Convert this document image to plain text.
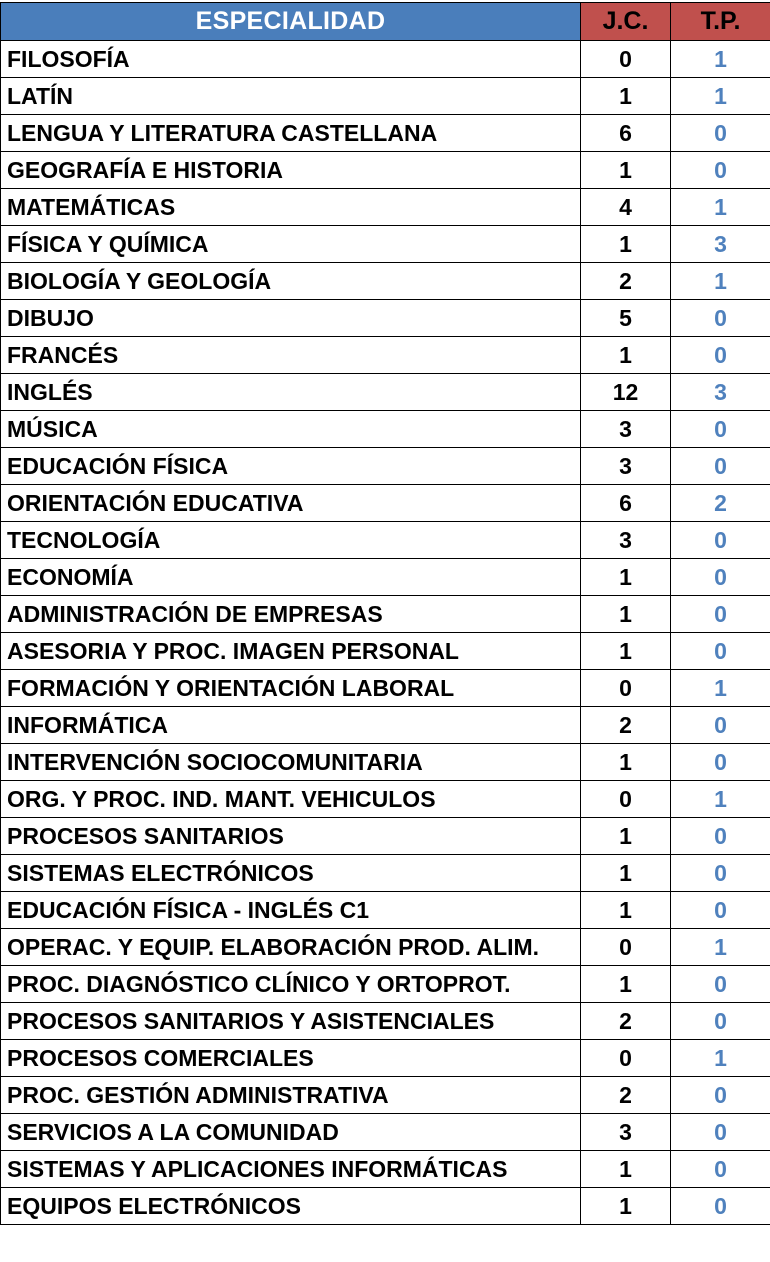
ESPECIALIDAD	J.C.	T.P.
FILOSOFÍA	0	1
LATÍN	1	1
LENGUA Y LITERATURA CASTELLANA	6	0
GEOGRAFÍA E HISTORIA	1	0
MATEMÁTICAS	4	1
FÍSICA Y QUÍMICA	1	3
BIOLOGÍA Y GEOLOGÍA	2	1
DIBUJO	5	0
FRANCÉS	1	0
INGLÉS	12	3
MÚSICA	3	0
EDUCACIÓN FÍSICA	3	0
ORIENTACIÓN EDUCATIVA	6	2
TECNOLOGÍA	3	0
ECONOMÍA	1	0
ADMINISTRACIÓN DE EMPRESAS	1	0
ASESORIA Y PROC. IMAGEN PERSONAL	1	0
FORMACIÓN Y ORIENTACIÓN LABORAL	0	1
INFORMÁTICA	2	0
INTERVENCIÓN SOCIOCOMUNITARIA	1	0
ORG. Y PROC. IND. MANT. VEHICULOS	0	1
PROCESOS SANITARIOS	1	0
SISTEMAS ELECTRÓNICOS	1	0
EDUCACIÓN FÍSICA - INGLÉS C1	1	0
OPERAC. Y EQUIP. ELABORACIÓN PROD. ALIM.	0	1
PROC. DIAGNÓSTICO CLÍNICO Y ORTOPROT.	1	0
PROCESOS SANITARIOS Y ASISTENCIALES	2	0
PROCESOS COMERCIALES	0	1
PROC. GESTIÓN ADMINISTRATIVA	2	0
SERVICIOS A LA COMUNIDAD	3	0
SISTEMAS Y APLICACIONES INFORMÁTICAS	1	0
EQUIPOS ELECTRÓNICOS	1	0
